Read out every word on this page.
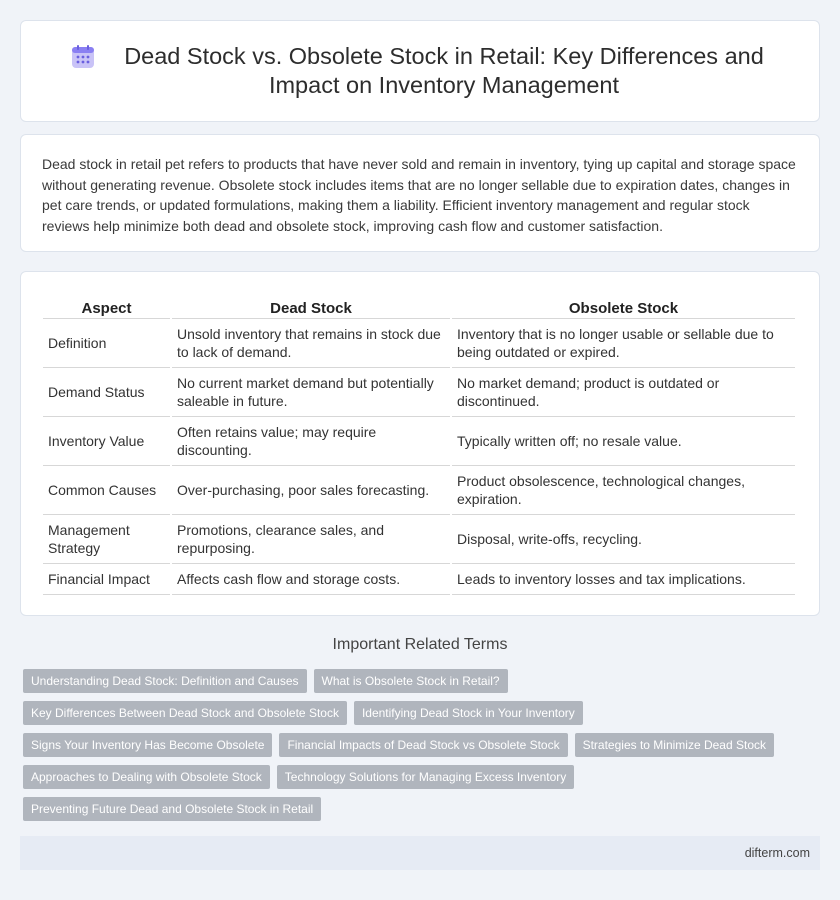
Dead Stock vs. Obsolete Stock in Retail: Key Differences and Impact on Inventory Management

Dead stock in retail pet refers to products that have never sold and remain in inventory, tying up capital and storage space without generating revenue. Obsolete stock includes items that are no longer sellable due to expiration dates, changes in pet care trends, or updated formulations, making them a liability. Efficient inventory management and regular stock reviews help minimize both dead and obsolete stock, improving cash flow and customer satisfaction.

Aspect	Dead Stock	Obsolete Stock
Definition	Unsold inventory that remains in stock due to lack of demand.	Inventory that is no longer usable or sellable due to being outdated or expired.
Demand Status	No current market demand but potentially saleable in future.	No market demand; product is outdated or discontinued.
Inventory Value	Often retains value; may require discounting.	Typically written off; no resale value.
Common Causes	Over-purchasing, poor sales forecasting.	Product obsolescence, technological changes, expiration.
Management Strategy	Promotions, clearance sales, and repurposing.	Disposal, write-offs, recycling.
Financial Impact	Affects cash flow and storage costs.	Leads to inventory losses and tax implications.
Important Related Terms
Understanding Dead Stock: Definition and Causes	What is Obsolete Stock in Retail?
Key Differences Between Dead Stock and Obsolete Stock	Identifying Dead Stock in Your Inventory
Signs Your Inventory Has Become Obsolete	Financial Impacts of Dead Stock vs Obsolete Stock	Strategies to Minimize Dead Stock
Approaches to Dealing with Obsolete Stock	Technology Solutions for Managing Excess Inventory
Preventing Future Dead and Obsolete Stock in Retail
difterm.com
